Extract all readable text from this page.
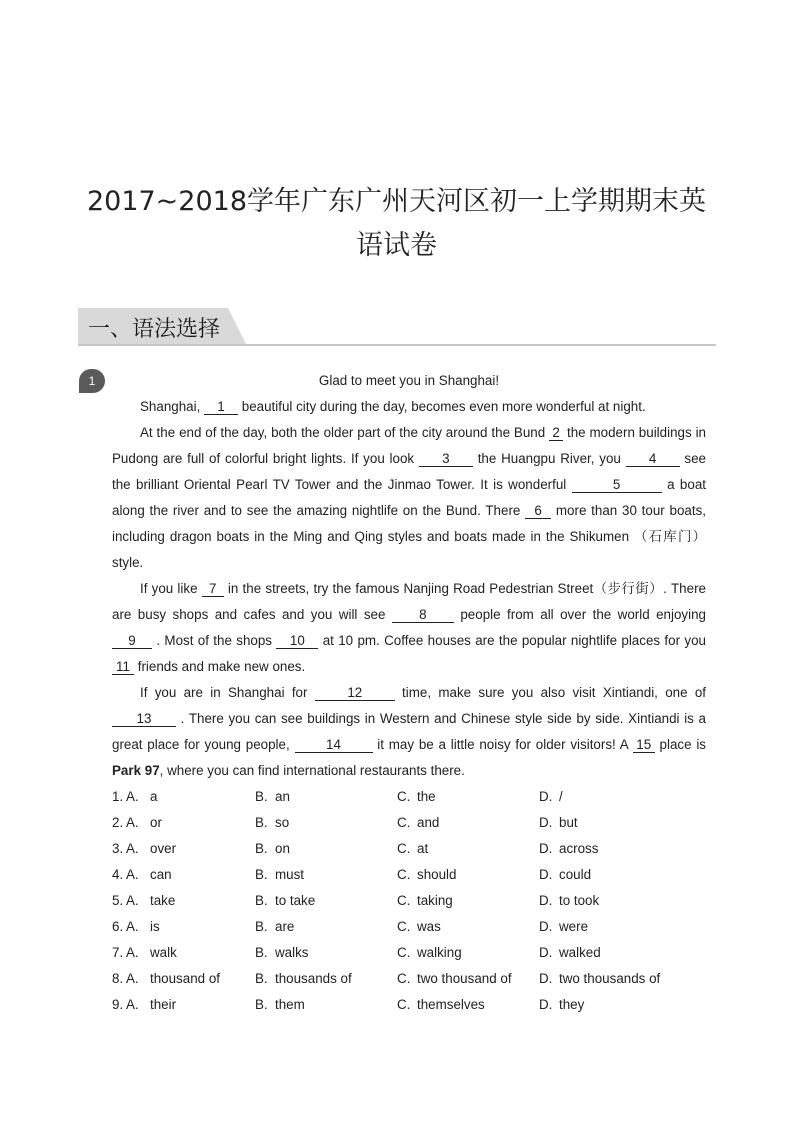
2017~2018学年广东广州天河区初一上学期期末英
语试卷
一、语法选择
1	Glad to meet you in Shanghai!

Shanghai, 1 beautiful city during the day, becomes even more wonderful at night.

At the end of the day, both the older part of the city around the Bund 2 the modern buildings in Pudong are full of colorful bright lights. If you look 3 the Huangpu River, you 4 see the brilliant Oriental Pearl TV Tower and the Jinmao Tower. It is wonderful	5	a boat along the river and to see the amazing nightlife on the Bund. There 6 more than 30 tour boats, including dragon boats in the Ming and Qing styles and boats made in the Shikumen （石库门） style.

If you like 7 in the streets, try the famous Nanjing Road Pedestrian Street（步行街）. There are busy shops and cafes and you will see 8 people from all over the world enjoying 9 . Most of the shops 10 at 10 pm. Coffee houses are the popular nightlife places for you 11 friends and make new ones.

If you are in Shanghai for 12 time, make sure you also visit Xintiandi, one of 13 . There you can see buildings in Western and Chinese style side by side. Xintiandi is a great place for young people, 14 it may be a little noisy for older visitors! A 15 place is Park 97, where you can find international restaurants there.

1. A. a	B. an	C. the	D. /
2. A. or	B. so	C. and	D. but
3. A. over	B. on	C. at	D. across
4. A. can	B. must	C. should	D. could
5. A. take	B. to take	C. taking	D. to took
6. A. is	B. are	C. was	D. were
7. A. walk	B. walks	C. walking	D. walked
8. A. thousand of	B. thousands of	C. two thousand of D. two thousands of
9. A. their	B. them	C. themselves	D. they
